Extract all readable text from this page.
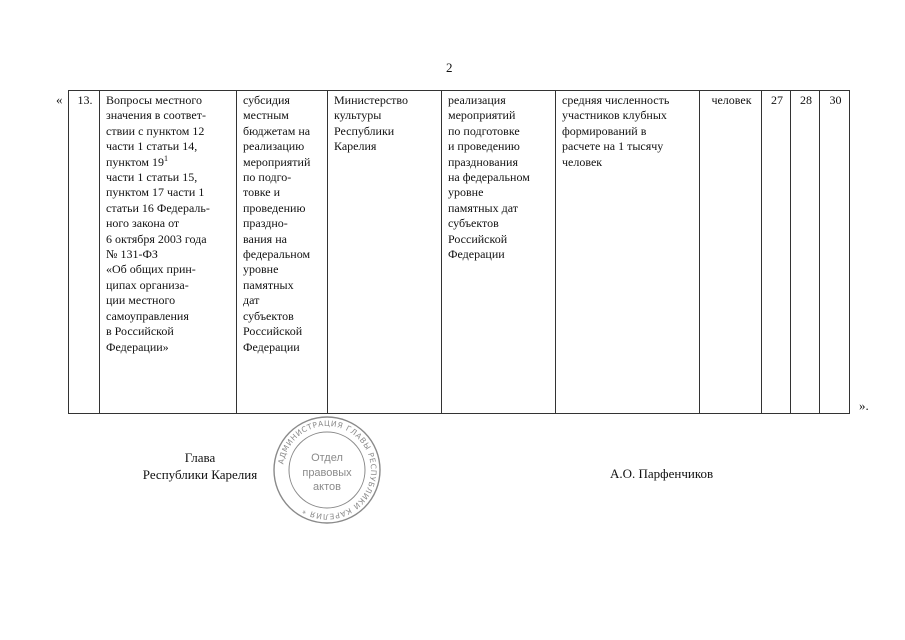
2
« 13.	Вопросы местного
значения в соответ-
ствии с пунктом 12
части 1 статьи 14,
пунктом $19^1$
части 1 статьи 15,
пунктом 17 части 1
статьи 16 Федераль-
ного закона от
6 октября 2003 года
№ 131-ФЗ
«Об общих прин-
ципах организа-
ции местного
самоуправления
в Российской
Федерации»	субсидия
местным
бюджетам на
реализацию
мероприятий
по подго-
товке и
проведению
праздно-
вания на
федеральном
уровне
памятных
дат
субъектов
Российской
Федерации	Министерство
культуры
Республики
Карелия	реализация
мероприятий
по подготовке
и проведению
празднования
на федеральном
уровне
памятных дат
субъектов
Российской
Федерации	средняя численность
участников клубных
формирований в
расчете на 1 тысячу
человек	человек	27	28	30
».
Глава
Республики Карелия	А.О. Парфенчиков
АДМИНИСТРАЦИЯ ГЛАВЫ РЕСПУБЛИКИ КАРЕЛИЯ *
Отдел
правовых
актов
